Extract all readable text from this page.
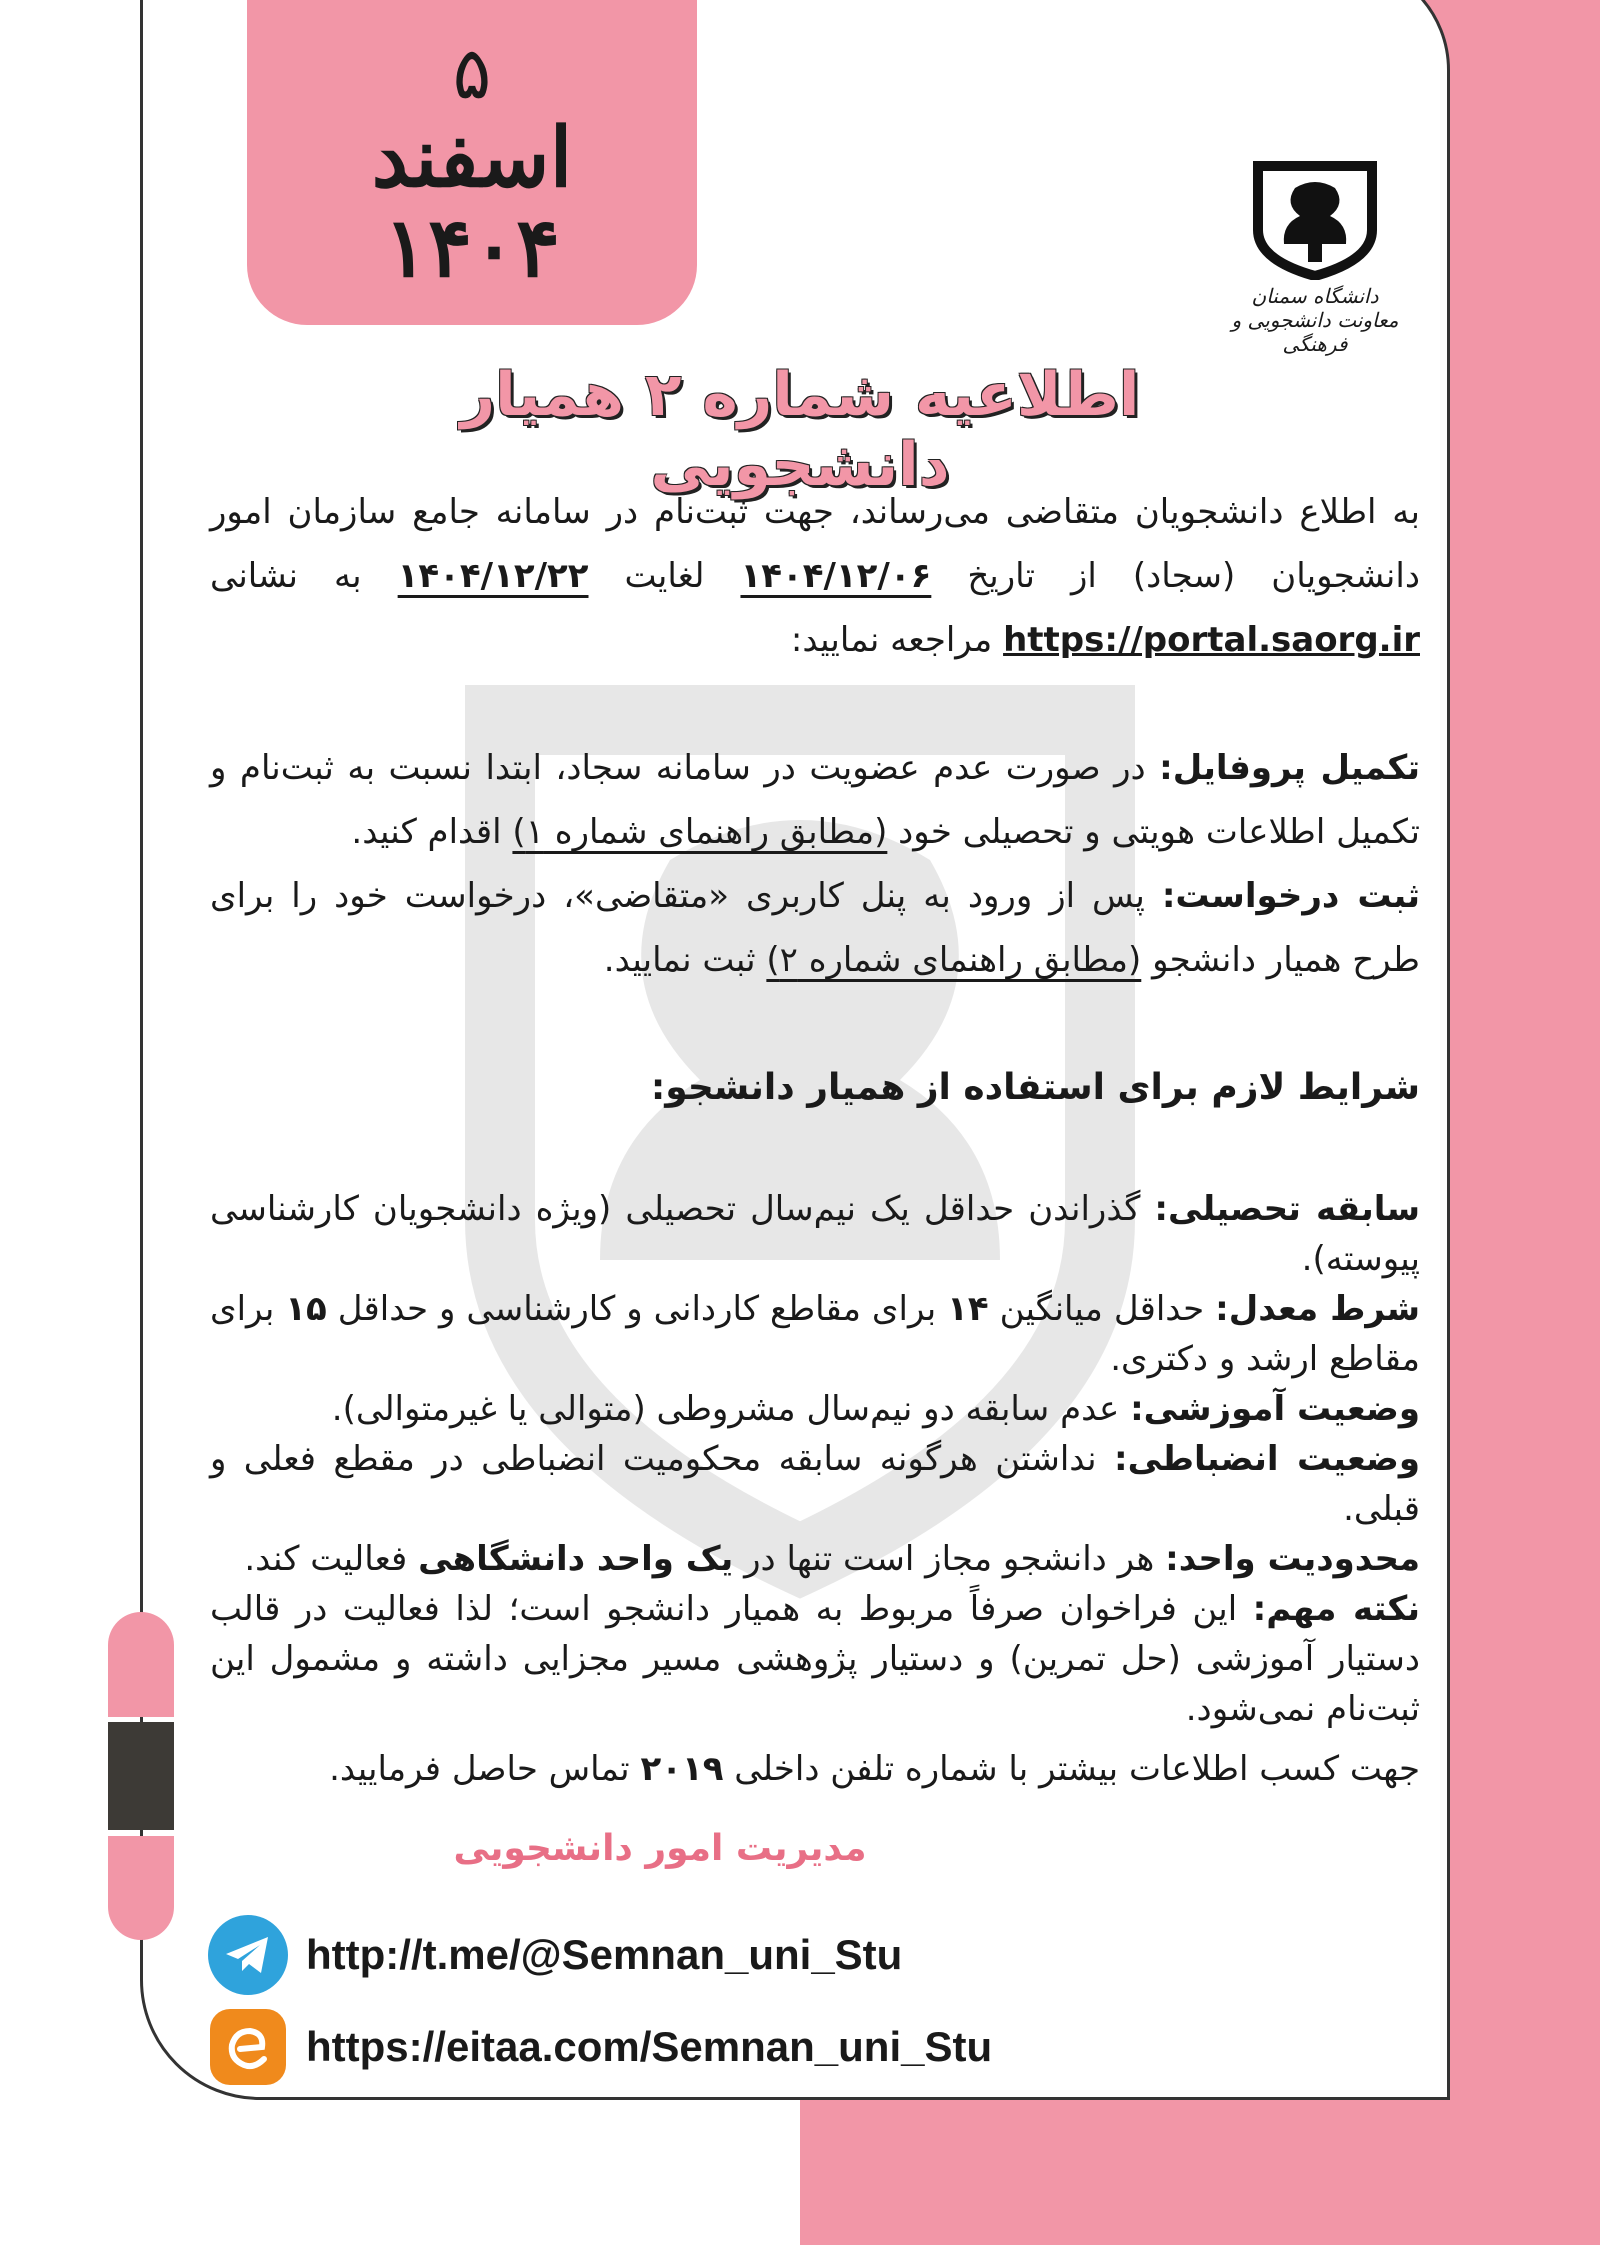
۵
اسفند
۱۴۰۴
دانشگاه سمنان
معاونت دانشجویی و فرهنگی
اطلاعیه شماره ۲ همیار دانشجویی

به اطلاع دانشجویان متقاضی می‌رساند، جهت ثبت‌نام در سامانه جامع سازمان امور دانشجویان (سجاد) از تاریخ ۱۴۰۴/۱۲/۰۶ لغایت ۱۴۰۴/۱۲/۲۲ به نشانی https://portal.saorg.ir مراجعه نمایید:

تکمیل پروفایل: در صورت عدم عضویت در سامانه سجاد، ابتدا نسبت به ثبت‌نام و تکمیل اطلاعات هویتی و تحصیلی خود (مطابق راهنمای شماره ۱) اقدام کنید.

ثبت درخواست: پس از ورود به پنل کاربری «متقاضی»، درخواست خود را برای طرح همیار دانشجو (مطابق راهنمای شماره ۲) ثبت نمایید.

شرایط لازم برای استفاده از همیار دانشجو:

سابقه تحصیلی: گذراندن حداقل یک نیم‌سال تحصیلی (ویژه دانشجویان کارشناسی پیوسته).

شرط معدل: حداقل میانگین ۱۴ برای مقاطع کاردانی و کارشناسی و حداقل ۱۵ برای مقاطع ارشد و دکتری.

وضعیت آموزشی: عدم سابقه دو نیم‌سال مشروطی (متوالی یا غیرمتوالی).

وضعیت انضباطی: نداشتن هرگونه سابقه محکومیت انضباطی در مقطع فعلی و قبلی.

محدودیت واحد: هر دانشجو مجاز است تنها در یک واحد دانشگاهی فعالیت کند.

نکته مهم: این فراخوان صرفاً مربوط به همیار دانشجو است؛ لذا فعالیت در قالب دستیار آموزشی (حل تمرین) و دستیار پژوهشی مسیر مجزایی داشته و مشمول این ثبت‌نام نمی‌شود.

جهت کسب اطلاعات بیشتر با شماره تلفن داخلی ۲۰۱۹ تماس حاصل فرمایید.

مدیریت امور دانشجویی
http://t.me/@Semnan_uni_Stu
https://eitaa.com/Semnan_uni_Stu
